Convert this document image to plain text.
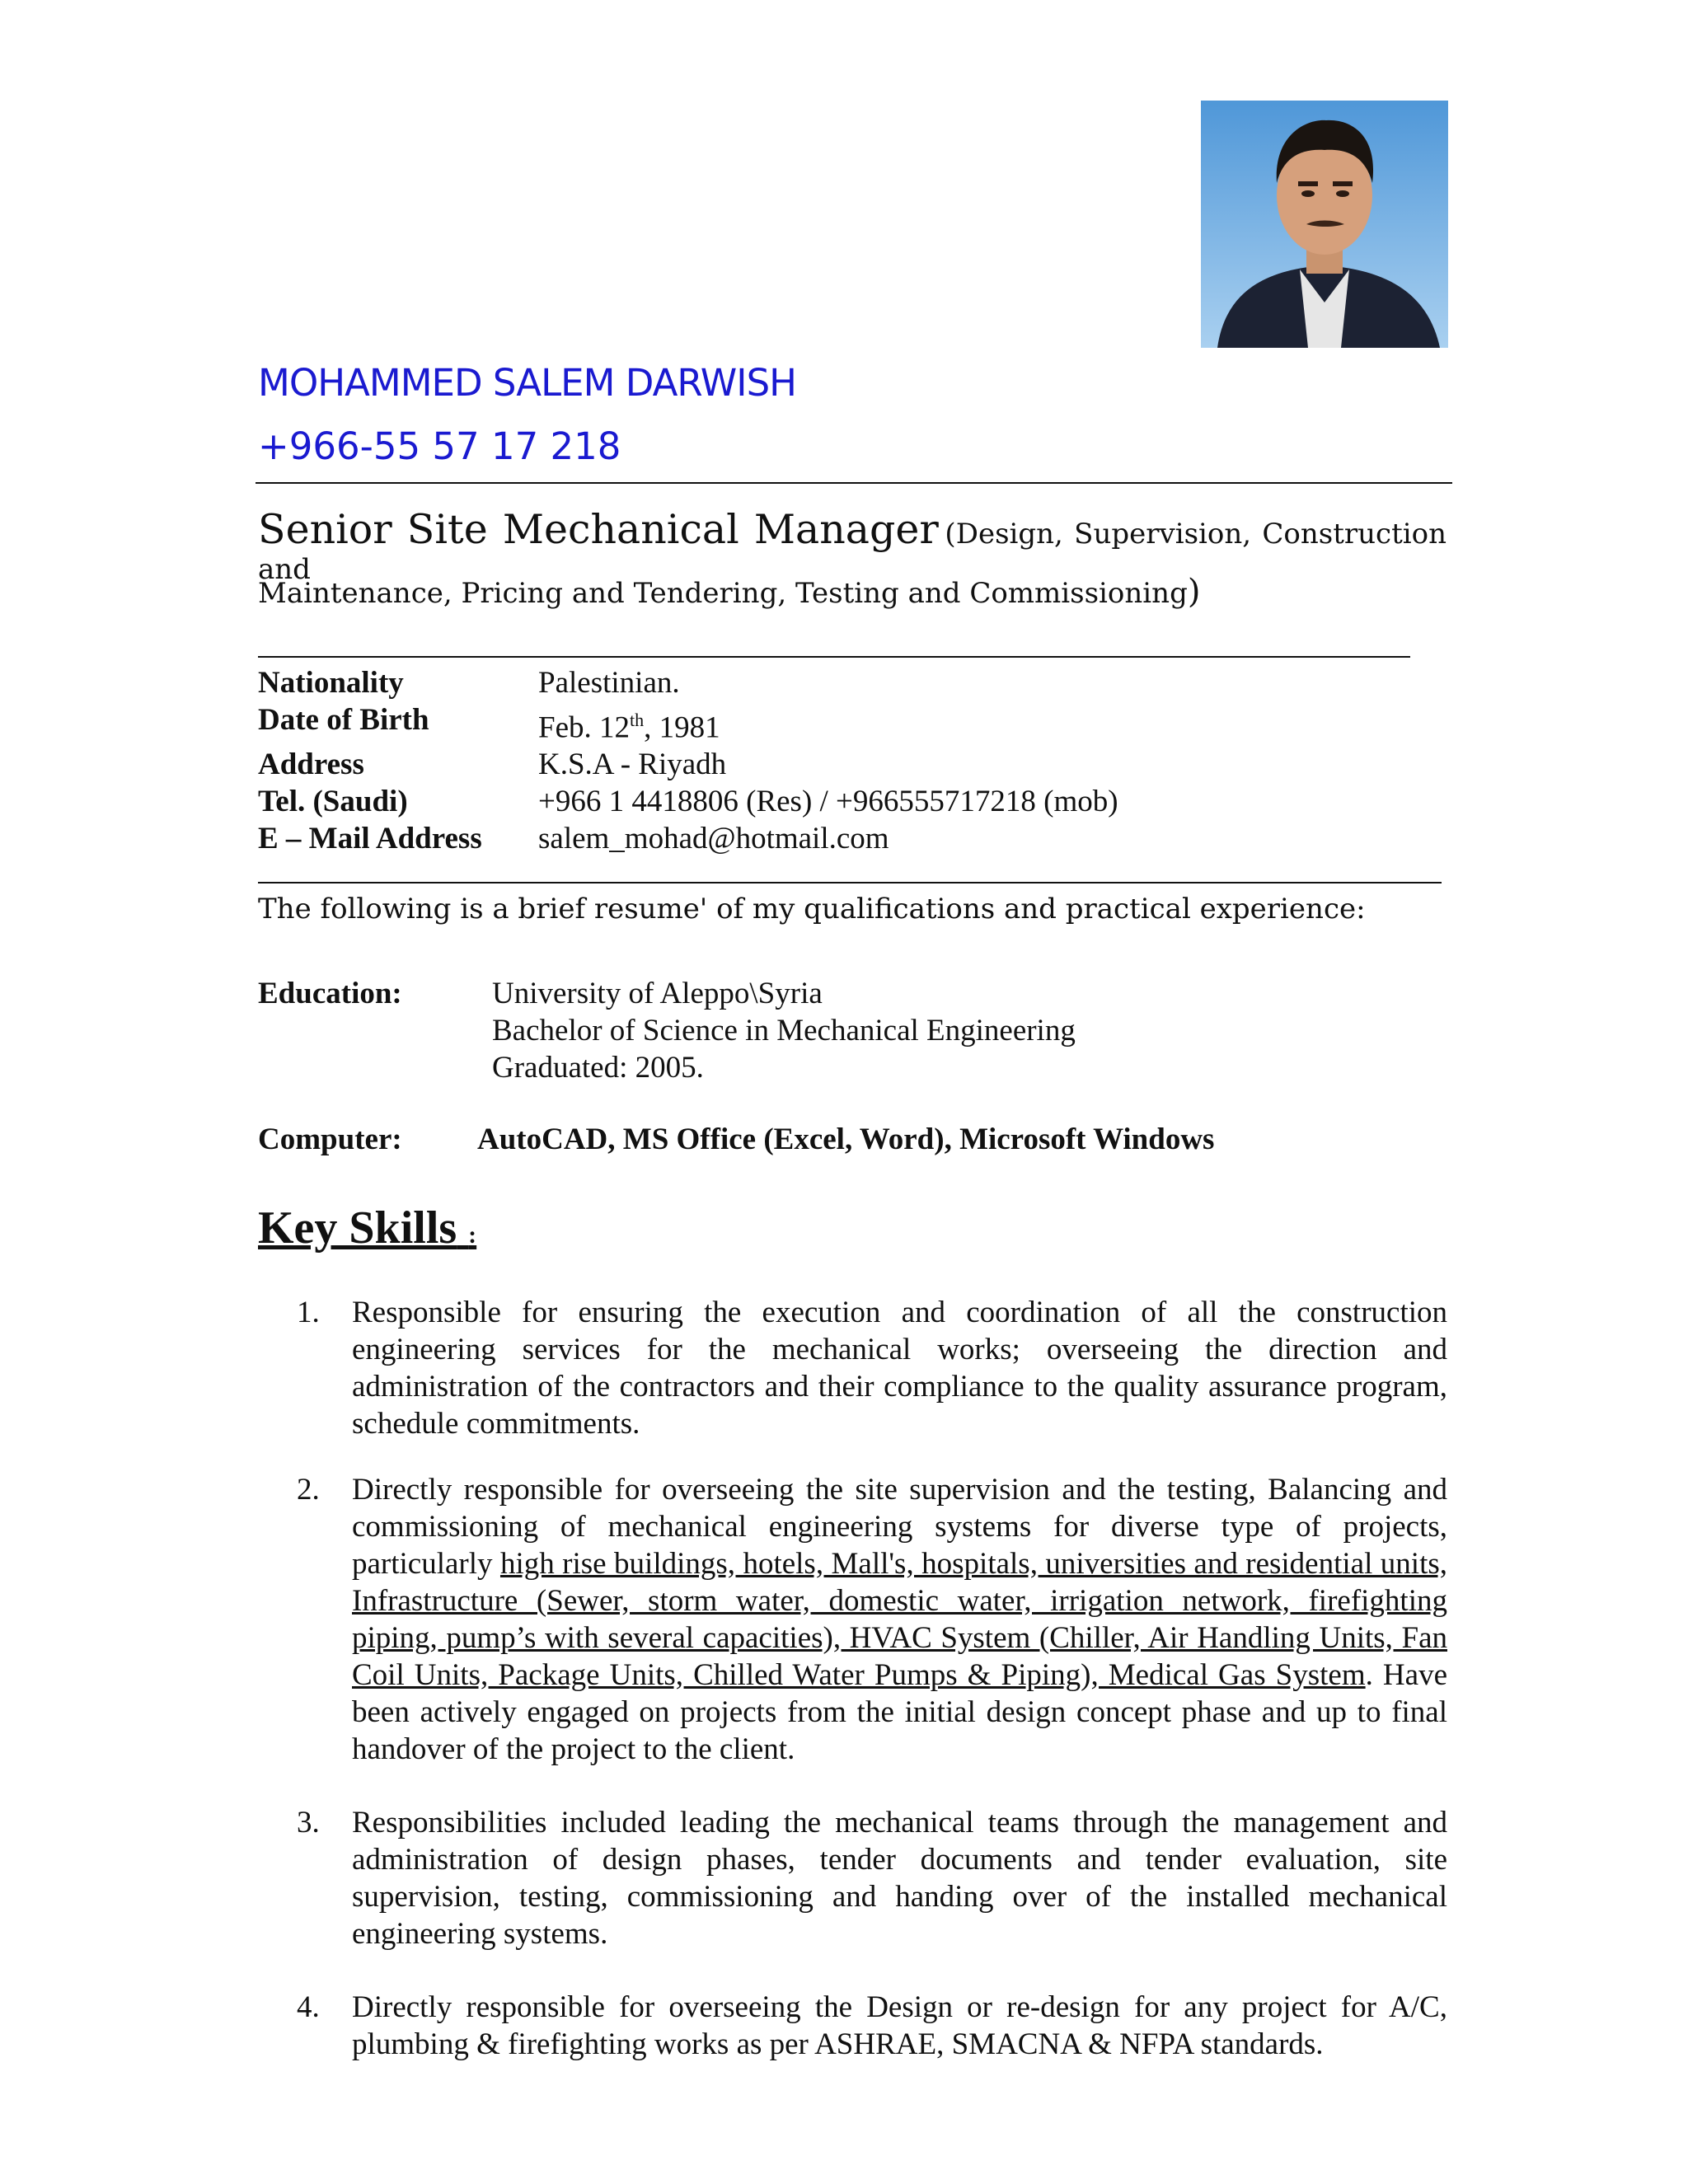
MOHAMMED SALEM DARWISH
+966-55 57 17 218
Senior Site Mechanical Manager (Design, Supervision, Construction and
Maintenance, Pricing and Tendering, Testing and Commissioning)
Nationality	Palestinian.
Date of Birth	Feb. 12th, 1981
Address	K.S.A - Riyadh
Tel. (Saudi)	+966 1 4418806 (Res) / +966555717218 (mob)
E – Mail Address	salem_mohad@hotmail.com
The following is a brief resume' of my qualifications and practical experience:
Education:	University of Aleppo\Syria
Bachelor of Science in Mechanical Engineering
Graduated: 2005.
Computer: AutoCAD, MS Office (Excel, Word), Microsoft Windows
Key Skills :
1. Responsible for ensuring the execution and coordination of all the construction engineering services for the mechanical works; overseeing the direction and administration of the contractors and their compliance to the quality assurance program, schedule commitments.
2. Directly responsible for overseeing the site supervision and the testing, Balancing and commissioning of mechanical engineering systems for diverse type of projects, particularly high rise buildings, hotels, Mall's, hospitals, universities and residential units, Infrastructure (Sewer, storm water, domestic water, irrigation network, firefighting piping, pump’s with several capacities), HVAC System (Chiller, Air Handling Units, Fan Coil Units, Package Units, Chilled Water Pumps & Piping), Medical Gas System. Have been actively engaged on projects from the initial design concept phase and up to final handover of the project to the client.
3. Responsibilities included leading the mechanical teams through the management and administration of design phases, tender documents and tender evaluation, site supervision, testing, commissioning and handing over of the installed mechanical engineering systems.
4. Directly responsible for overseeing the Design or re-design for any project for A/C, plumbing & firefighting works as per ASHRAE, SMACNA & NFPA standards.
